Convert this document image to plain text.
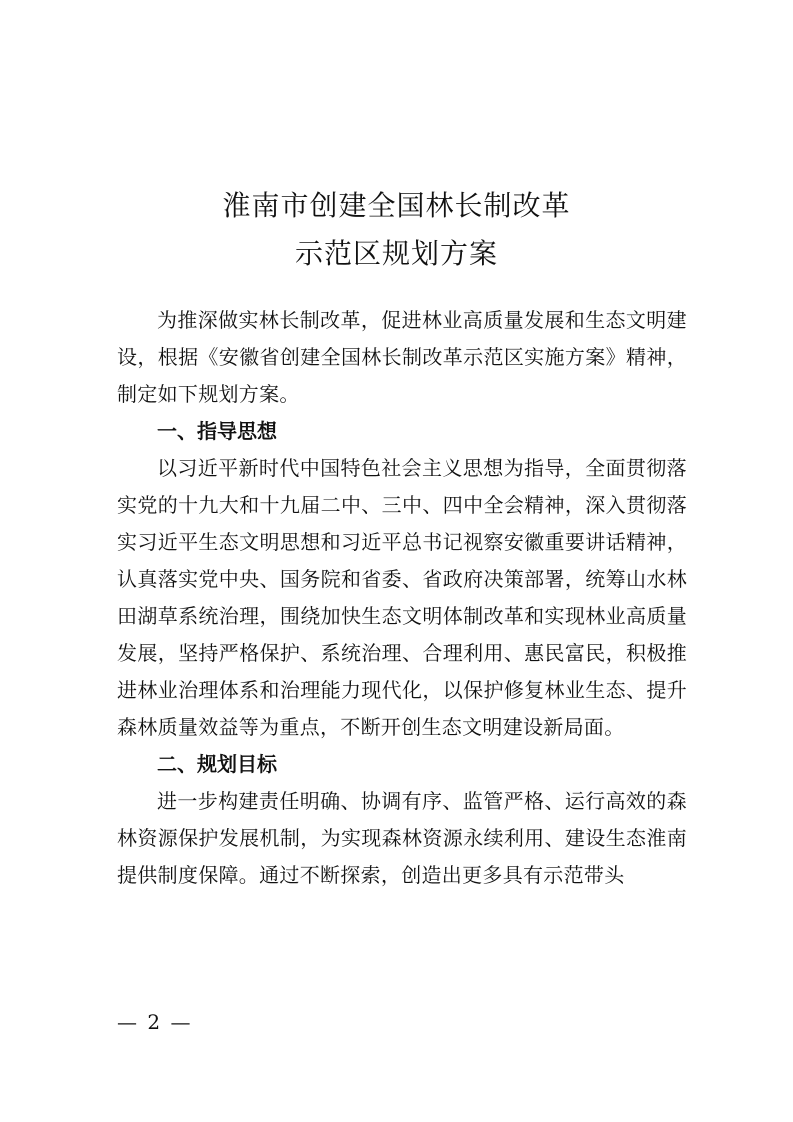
淮南市创建全国林长制改革
示范区规划方案

为推深做实林长制改革，促进林业高质量发展和生态文明建设，根据《安徽省创建全国林长制改革示范区实施方案》精神，制定如下规划方案。

一、指导思想

以习近平新时代中国特色社会主义思想为指导，全面贯彻落实党的十九大和十九届二中、三中、四中全会精神，深入贯彻落实习近平生态文明思想和习近平总书记视察安徽重要讲话精神，认真落实党中央、国务院和省委、省政府决策部署，统筹山水林田湖草系统治理，围绕加快生态文明体制改革和实现林业高质量发展，坚持严格保护、系统治理、合理利用、惠民富民，积极推进林业治理体系和治理能力现代化，以保护修复林业生态、提升森林质量效益等为重点，不断开创生态文明建设新局面。

二、规划目标

进一步构建责任明确、协调有序、监管严格、运行高效的森林资源保护发展机制，为实现森林资源永续利用、建设生态淮南提供制度保障。通过不断探索，创造出更多具有示范带头

— 2 —
